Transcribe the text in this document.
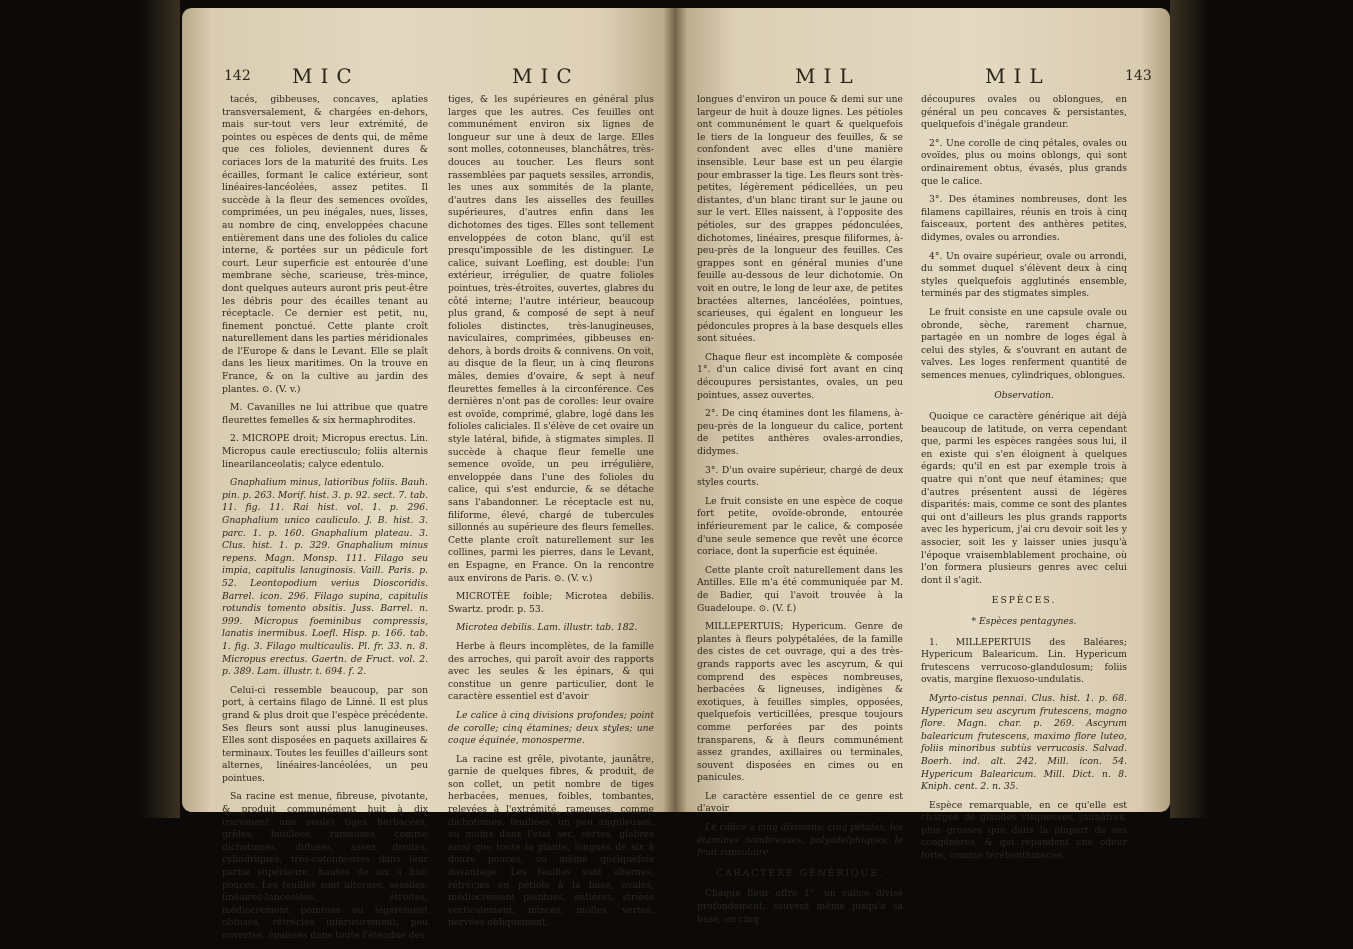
142 MIC	MIC

tacés, gibbeuses, concaves, aplaties transversalement, & chargées en-dehors, mais sur-tout vers leur extrémité, de pointes ou espèces de dents qui, de même que ces folioles, deviennent dures & coriaces lors de la maturité des fruits. Les écailles, formant le calice extérieur, sont linéaires-lancéolées, assez petites. Il succède à la fleur des semences ovoïdes, comprimées, un peu inégales, nues, lisses, au nombre de cinq, enveloppées chacune entièrement dans une des folioles du calice interne, & portées sur un pédicule fort court. Leur superficie est entourée d'une membrane sèche, scarieuse, très-mince, dont quelques auteurs auront pris peut-être les débris pour des écailles tenant au réceptacle. Ce dernier est petit, nu, finement ponctué. Cette plante croît naturellement dans les parties méridionales de l'Europe & dans le Levant. Elle se plaît dans les lieux maritimes. On la trouve en France, & on la cultive au jardin des plantes. ⊙. (V. v.)

M. Cavanilles ne lui attribue que quatre fleurettes femelles & six hermaphrodites.

2. MICROPE droit; Micropus erectus. Lin. Micropus caule erectiusculo; foliis alternis linearilanceolatis; calyce edentulo.

Gnaphalium minus, latioribus foliis. Bauh. pin. p. 263. Morif. hist. 3. p. 92. sect. 7. tab. 11. fig. 11. Rai hist. vol. 1. p. 296. Gnaphalium unico cauliculo. J. B. hist. 3. parc. 1. p. 160. Gnaphalium plateau. 3. Clus. hist. 1. p. 329. Gnaphalium minus repens. Magn. Monsp. 111. Filago seu impia, capitulis lanuginosis. Vaill. Paris. p. 52. Leontopodium verius Dioscoridis. Barrel. icon. 296. Filago supina, capitulis rotundis tomento obsitis. Juss. Barrel. n. 999. Micropus foeminibus compressis, lanatis inermibus. Loefl. Hisp. p. 166. tab. 1. fig. 3. Filago multicaulis. Pl. fr. 33. n. 8. Micropus erectus. Gaertn. de Fruct. vol. 2. p. 389. Lam. illustr. t. 694. f. 2.

Celui-ci ressemble beaucoup, par son port, à certains filago de Linné. Il est plus grand & plus droit que l'espèce précédente. Ses fleurs sont aussi plus lanugineuses. Elles sont disposées en paquets axillaires & terminaux. Toutes les feuilles d'ailleurs sont alternes, linéaires-lancéolées, un peu pointues.

Sa racine est menue, fibreuse, pivotante, & produit communément huit à dix (rarement une seule) tiges herbacées, grêles, feuillées, rameuses, comme dichotomes, diffuses, assez droites, cylindriques, très-cotonneuses dans leur partie supérieure, hautes de six à huit pouces. Les feuilles sont alternes, sessiles, linéaires-lancéolées, étroites, médiocrement pointues ou légèrement obtuses, rétrécies inférieurement, peu ouvertes, épaisses dans toute l'étendue des

tiges, & les supérieures en général plus larges que les autres. Ces feuilles ont communément environ six lignes de longueur sur une à deux de large. Elles sont molles, cotonneuses, blanchâtres, très-douces au toucher. Les fleurs sont rassemblées par paquets sessiles, arrondis, les unes aux sommités de la plante, d'autres dans les aisselles des feuilles supérieures, d'autres enfin dans les dichotomes des tiges. Elles sont tellement enveloppées de coton blanc, qu'il est presqu'impossible de les distinguer. Le calice, suivant Loefling, est double: l'un extérieur, irrégulier, de quatre folioles pointues, très-étroites, ouvertes, glabres du côté interne; l'autre intérieur, beaucoup plus grand, & composé de sept à neuf folioles distinctes, très-lanugineuses, naviculaires, comprimées, gibbeuses en-dehors, à bords droits & connivens. On voit, au disque de la fleur, un à cinq fleurons mâles, demies d'ovaire, & sept à neuf fleurettes femelles à la circonférence. Ces dernières n'ont pas de corolles: leur ovaire est ovoïde, comprimé, glabre, logé dans les folioles caliciales. Il s'élève de cet ovaire un style latéral, bifide, à stigmates simples. Il succède à chaque fleur femelle une semence ovoïde, un peu irrégulière, enveloppée dans l'une des folioles du calice, qui s'est endurcie, & se détache sans l'abandonner. Le réceptacle est nu, filiforme, élevé, chargé de tubercules sillonnés au supérieure des fleurs femelles. Cette plante croît naturellement sur les collines, parmi les pierres, dans le Levant, en Espagne, en France. On la rencontre aux environs de Paris. ⊙. (V. v.)

MICROTÈE foible; Microtea debilis. Swartz. prodr. p. 53.

Microtea debilis. Lam. illustr. tab. 182.

Herbe à fleurs incomplètes, de la famille des arroches, qui paroît avoir des rapports avec les seules & les épinars, & qui constitue un genre particulier, dont le caractère essentiel est d'avoir

Le calice à cinq divisions profondes; point de corolle; cinq étamines; deux styles; une coque équinée, monosperme.

La racine est grêle, pivotante, jaunâtre, garnie de quelques fibres, & produit, de son collet, un petit nombre de tiges herbacées, menues, foibles, tombantes, relevées à l'extrémité, rameuses, comme dichotomes, feuillées, un peu anguleuses, au moins dans l'état sec, vertes, glabres ainsi que toute la plante, longues de six à douze pouces, ou même quelquefois davantage. Les feuilles sont alternes, rétrécies en pétiole à la base, ovales, médiocrement pointues, entières, striées verticalement, minces, molles, vertes, nervées obliquement,

MIL	MIL	143

longues d'environ un pouce & demi sur une largeur de huit à douze lignes. Les pétioles ont communément le quart & quelquefois le tiers de la longueur des feuilles, & se confondent avec elles d'une manière insensible. Leur base est un peu élargie pour embrasser la tige. Les fleurs sont très-petites, légèrement pédicellées, un peu distantes, d'un blanc tirant sur le jaune ou sur le vert. Elles naissent, à l'opposite des pétioles, sur des grappes pédonculées, dichotomes, linéaires, presque filiformes, à-peu-près de la longueur des feuilles. Ces grappes sont en général munies d'une feuille au-dessous de leur dichotomie. On voit en outre, le long de leur axe, de petites bractées alternes, lancéolées, pointues, scarieuses, qui égalent en longueur les pédoncules propres à la base desquels elles sont situées.

Chaque fleur est incomplète & composée 1°. d'un calice divisé fort avant en cinq découpures persistantes, ovales, un peu pointues, assez ouvertes.

2°. De cinq étamines dont les filamens, à-peu-près de la longueur du calice, portent de petites anthères ovales-arrondies, didymes.

3°. D'un ovaire supérieur, chargé de deux styles courts.

Le fruit consiste en une espèce de coque fort petite, ovoïde-obronde, entourée inférieurement par le calice, & composée d'une seule semence que revêt une écorce coriace, dont la superficie est équinée.

Cette plante croît naturellement dans les Antilles. Elle m'a été communiquée par M. de Badier, qui l'avoit trouvée à la Guadeloupe. ⊙. (V. f.)

MILLEPERTUIS; Hypericum. Genre de plantes à fleurs polypétalées, de la famille des cistes de cet ouvrage, qui a des très-grands rapports avec les ascyrum, & qui comprend des espèces nombreuses, herbacées & ligneuses, indigènes & exotiques, à feuilles simples, opposées, quelquefois verticillées, presque toujours comme perforées par des points transparens, & à fleurs communément assez grandes, axillaires ou terminales, souvent disposées en cimes ou en panicules.

Le caractère essentiel de ce genre est d'avoir

Le calice à cinq divisions; cinq pétales; les étamines nombreuses, polyadelphiques; le fruit capsulaire.

CARACTÈRE GÉNÉRIQUE.

Chaque fleur offre 1°. un calice divisé profondément, souvent même jusqu'à sa base, en cinq

découpures ovales ou oblongues, en général un peu concaves & persistantes, quelquefois d'inégale grandeur.

2°. Une corolle de cinq pétales, ovales ou ovoïdes, plus ou moins oblongs, qui sont ordinairement obtus, évasés, plus grands que le calice.

3°. Des étamines nombreuses, dont les filamens capillaires, réunis en trois à cinq faisceaux, portent des anthères petites, didymes, ovales ou arrondies.

4°. Un ovaire supérieur, ovale ou arrondi, du sommet duquel s'élèvent deux à cinq styles quelquefois agglutinés ensemble, terminés par des stigmates simples.

Le fruit consiste en une capsule ovale ou obronde, sèche, rarement charnue, partagée en un nombre de loges égal à celui des styles, & s'ouvrant en autant de valves. Les loges renferment quantité de semences menues, cylindriques, oblongues.

Observation.

Quoique ce caractère générique ait déjà beaucoup de latitude, on verra cependant que, parmi les espèces rangées sous lui, il en existe qui s'en éloignent à quelques égards; qu'il en est par exemple trois à quatre qui n'ont que neuf étamines; que d'autres présentent aussi de légères disparités: mais, comme ce sont des plantes qui ont d'ailleurs les plus grands rapports avec les hypericum, j'ai cru devoir soit les y associer, soit les y laisser unies jusqu'à l'époque vraisemblablement prochaine, où l'on formera plusieurs genres avec celui dont il s'agit.

ESPÈCES.

* Espèces pentagynes.

1. MILLEPERTUIS des Baléares; Hypericum Balearicum. Lin. Hypericum frutescens verrucoso-glandulosum; foliis ovatis, margine flexuoso-undulatis.

Myrto-cistus pennai. Clus. hist. 1. p. 68. Hypericum seu ascyrum frutescens, magno flore. Magn. char. p. 269. Ascyrum balearicum frutescens, maximo flore luteo, foliis minoribus subtùs verrucosis. Salvad. Boerh. ind. alt. 242. Mill. icon. 54. Hypericum Balearicum. Mill. Dict. n. 8. Kniph. cent. 2. n. 35.

Espèce remarquable, en ce qu'elle est chargée de glandes visqueuses, jaunâtres, plus grosses que dans la plupart de ses congénères, & qui répandent une odeur forte, comme térébenthinacée.
